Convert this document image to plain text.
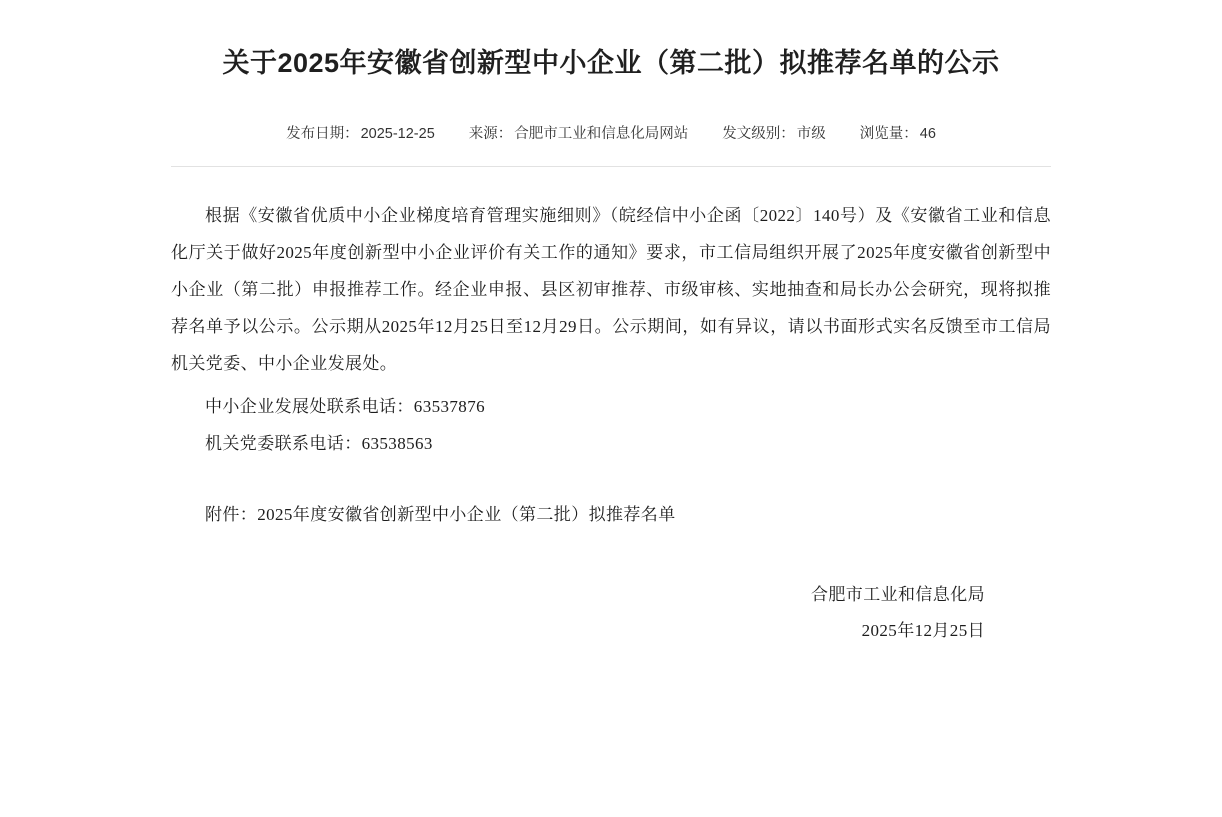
关于2025年安徽省创新型中小企业（第二批）拟推荐名单的公示
发布日期： 2025-12-25 来源： 合肥市工业和信息化局网站 发文级别： 市级 浏览量： 46

根据《安徽省优质中小企业梯度培育管理实施细则》（皖经信中小企函〔2022〕140号）及《安徽省工业和信息化厅关于做好2025年度创新型中小企业评价有关工作的通知》要求，市工信局组织开展了2025年度安徽省创新型中小企业（第二批）申报推荐工作。经企业申报、县区初审推荐、市级审核、实地抽查和局长办公会研究，现将拟推荐名单予以公示。公示期从2025年12月25日至12月29日。公示期间，如有异议，请以书面形式实名反馈至市工信局机关党委、中小企业发展处。

中小企业发展处联系电话：63537876

机关党委联系电话：63538563

附件：2025年度安徽省创新型中小企业（第二批）拟推荐名单

合肥市工业和信息化局
2025年12月25日
